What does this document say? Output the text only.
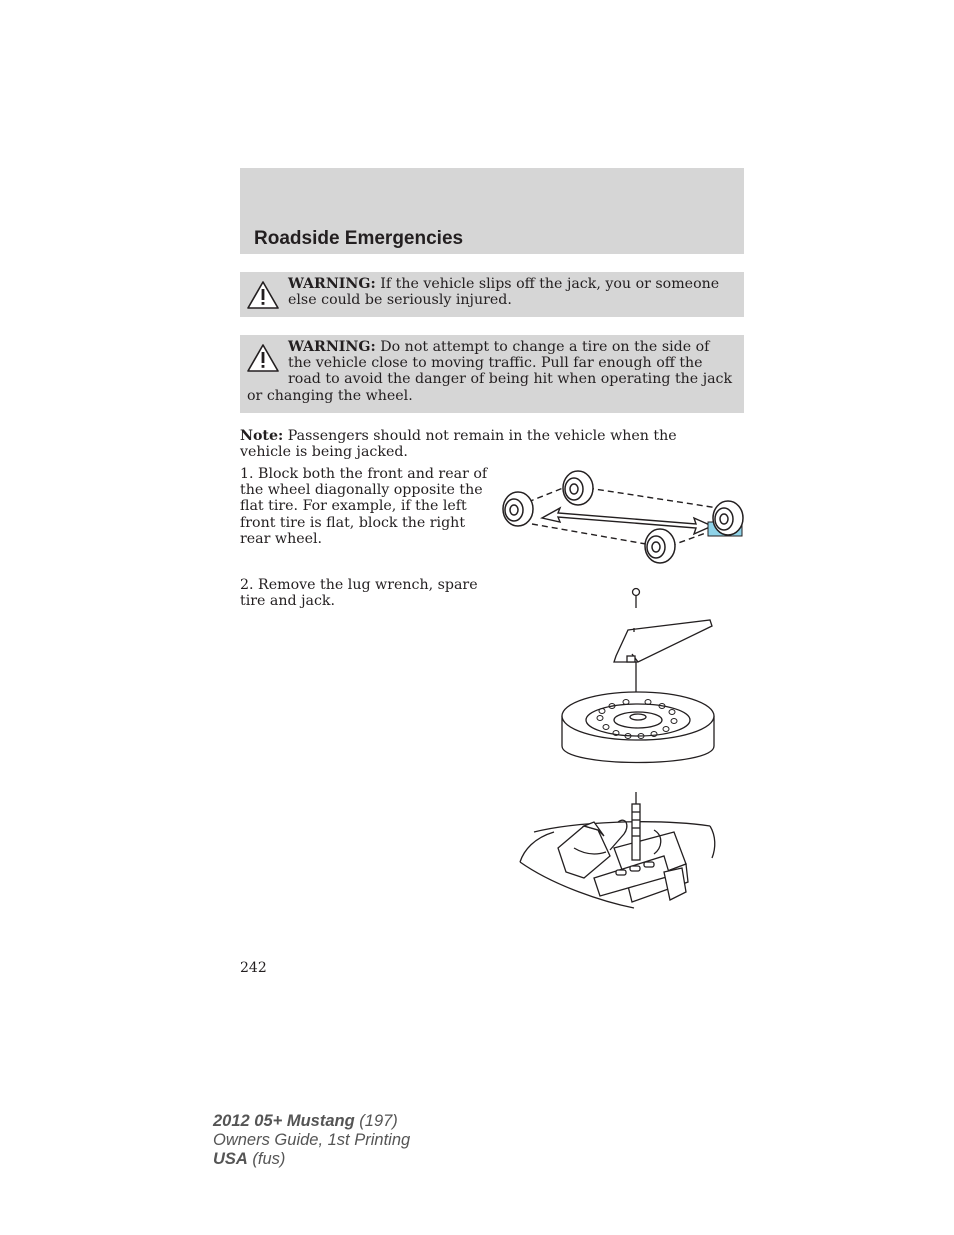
Roadside Emergencies
WARNING: If the vehicle slips off the jack, you or someone else could be seriously injured.
WARNING: Do not attempt to change a tire on the side of the vehicle close to moving traffic. Pull far enough off the road to avoid the danger of being hit when operating the jack or changing the wheel.
Note: Passengers should not remain in the vehicle when the vehicle is being jacked.
1. Block both the front and rear of the wheel diagonally opposite the flat tire. For example, if the left front tire is flat, block the right rear wheel.
2. Remove the lug wrench, spare tire and jack.
242
2012 05+ Mustang (197)
Owners Guide, 1st Printing
USA (fus)
